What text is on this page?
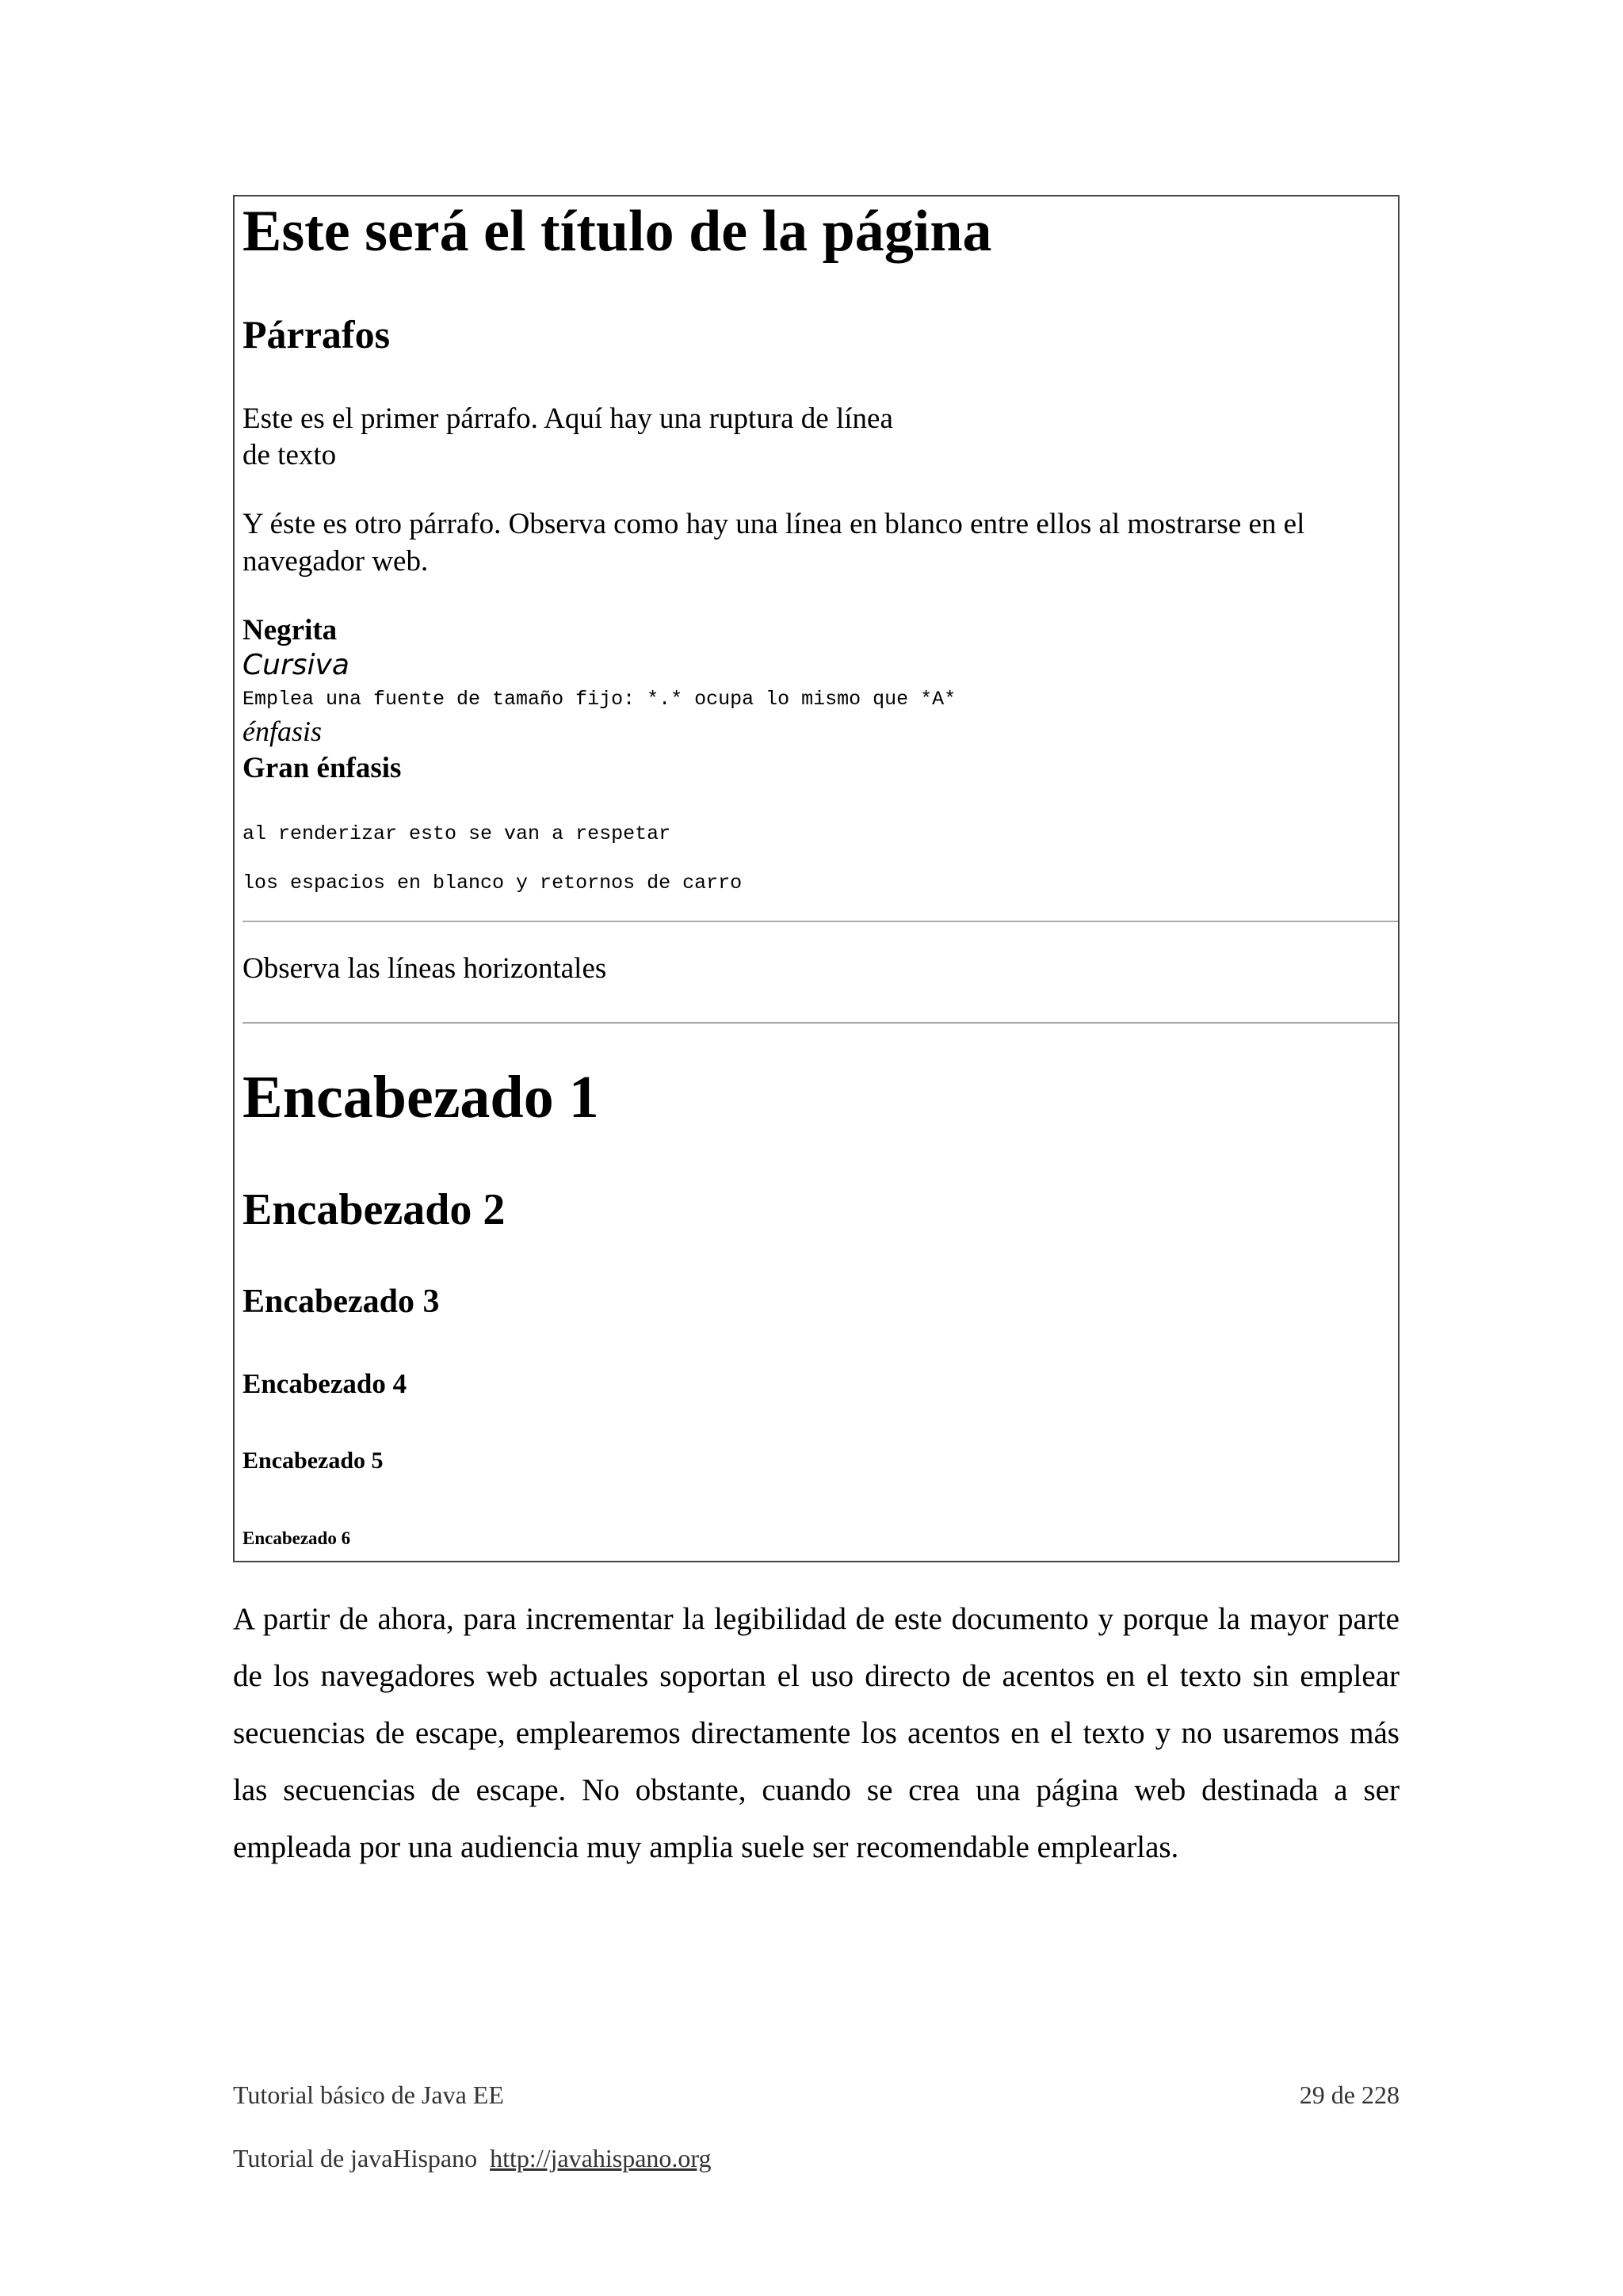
Este será el título de la página
Párrafos
Este es el primer párrafo. Aquí hay una ruptura de línea
de texto
Y éste es otro párrafo. Observa como hay una línea en blanco entre ellos al mostrarse en el navegador web.
Negrita
Cursiva
Emplea una fuente de tamaño fijo: *.* ocupa lo mismo que *A*
énfasis
Gran énfasis
al renderizar esto se van a respetar
los espacios en blanco y retornos de carro
Observa las líneas horizontales
Encabezado 1
Encabezado 2
Encabezado 3
Encabezado 4
Encabezado 5
Encabezado 6

A partir de ahora, para incrementar la legibilidad de este documento y porque la mayor parte de los navegadores web actuales soportan el uso directo de acentos en el texto sin emplear secuencias de escape, emplearemos directamente los acentos en el texto y no usaremos más las secuencias de escape. No obstante, cuando se crea una página web destinada a ser empleada por una audiencia muy amplia suele ser recomendable emplearlas.

Tutorial básico de Java EE	29 de 228
Tutorial de javaHispano http://javahispano.org
